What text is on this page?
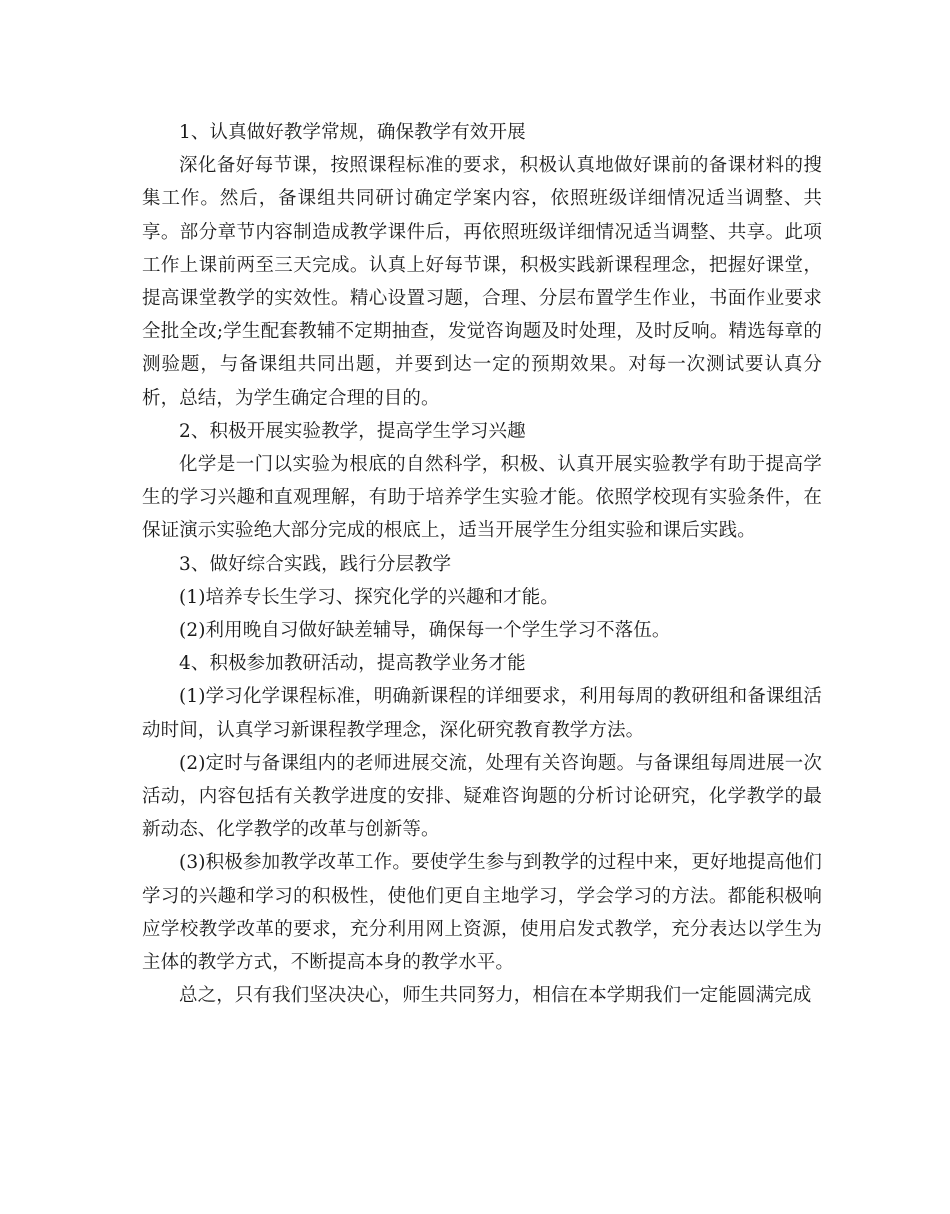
1、认真做好教学常规，确保教学有效开展

深化备好每节课，按照课程标准的要求，积极认真地做好课前的备课材料的搜集工作。然后，备课组共同研讨确定学案内容，依照班级详细情况适当调整、共享。部分章节内容制造成教学课件后，再依照班级详细情况适当调整、共享。此项工作上课前两至三天完成。认真上好每节课，积极实践新课程理念，把握好课堂，提高课堂教学的实效性。精心设置习题，合理、分层布置学生作业，书面作业要求全批全改;学生配套教辅不定期抽查，发觉咨询题及时处理，及时反响。精选每章的测验题，与备课组共同出题，并要到达一定的预期效果。对每一次测试要认真分析，总结，为学生确定合理的目的。

2、积极开展实验教学，提高学生学习兴趣

化学是一门以实验为根底的自然科学，积极、认真开展实验教学有助于提高学生的学习兴趣和直观理解，有助于培养学生实验才能。依照学校现有实验条件，在保证演示实验绝大部分完成的根底上，适当开展学生分组实验和课后实践。

3、做好综合实践，践行分层教学

(1)培养专长生学习、探究化学的兴趣和才能。

(2)利用晚自习做好缺差辅导，确保每一个学生学习不落伍。

4、积极参加教研活动，提高教学业务才能

(1)学习化学课程标准，明确新课程的详细要求，利用每周的教研组和备课组活动时间，认真学习新课程教学理念，深化研究教育教学方法。

(2)定时与备课组内的老师进展交流，处理有关咨询题。与备课组每周进展一次活动，内容包括有关教学进度的安排、疑难咨询题的分析讨论研究，化学教学的最新动态、化学教学的改革与创新等。

(3)积极参加教学改革工作。要使学生参与到教学的过程中来，更好地提高他们学习的兴趣和学习的积极性，使他们更自主地学习，学会学习的方法。都能积极响应学校教学改革的要求，充分利用网上资源，使用启发式教学，充分表达以学生为主体的教学方式，不断提高本身的教学水平。

总之，只有我们坚决决心，师生共同努力，相信在本学期我们一定能圆满完成
